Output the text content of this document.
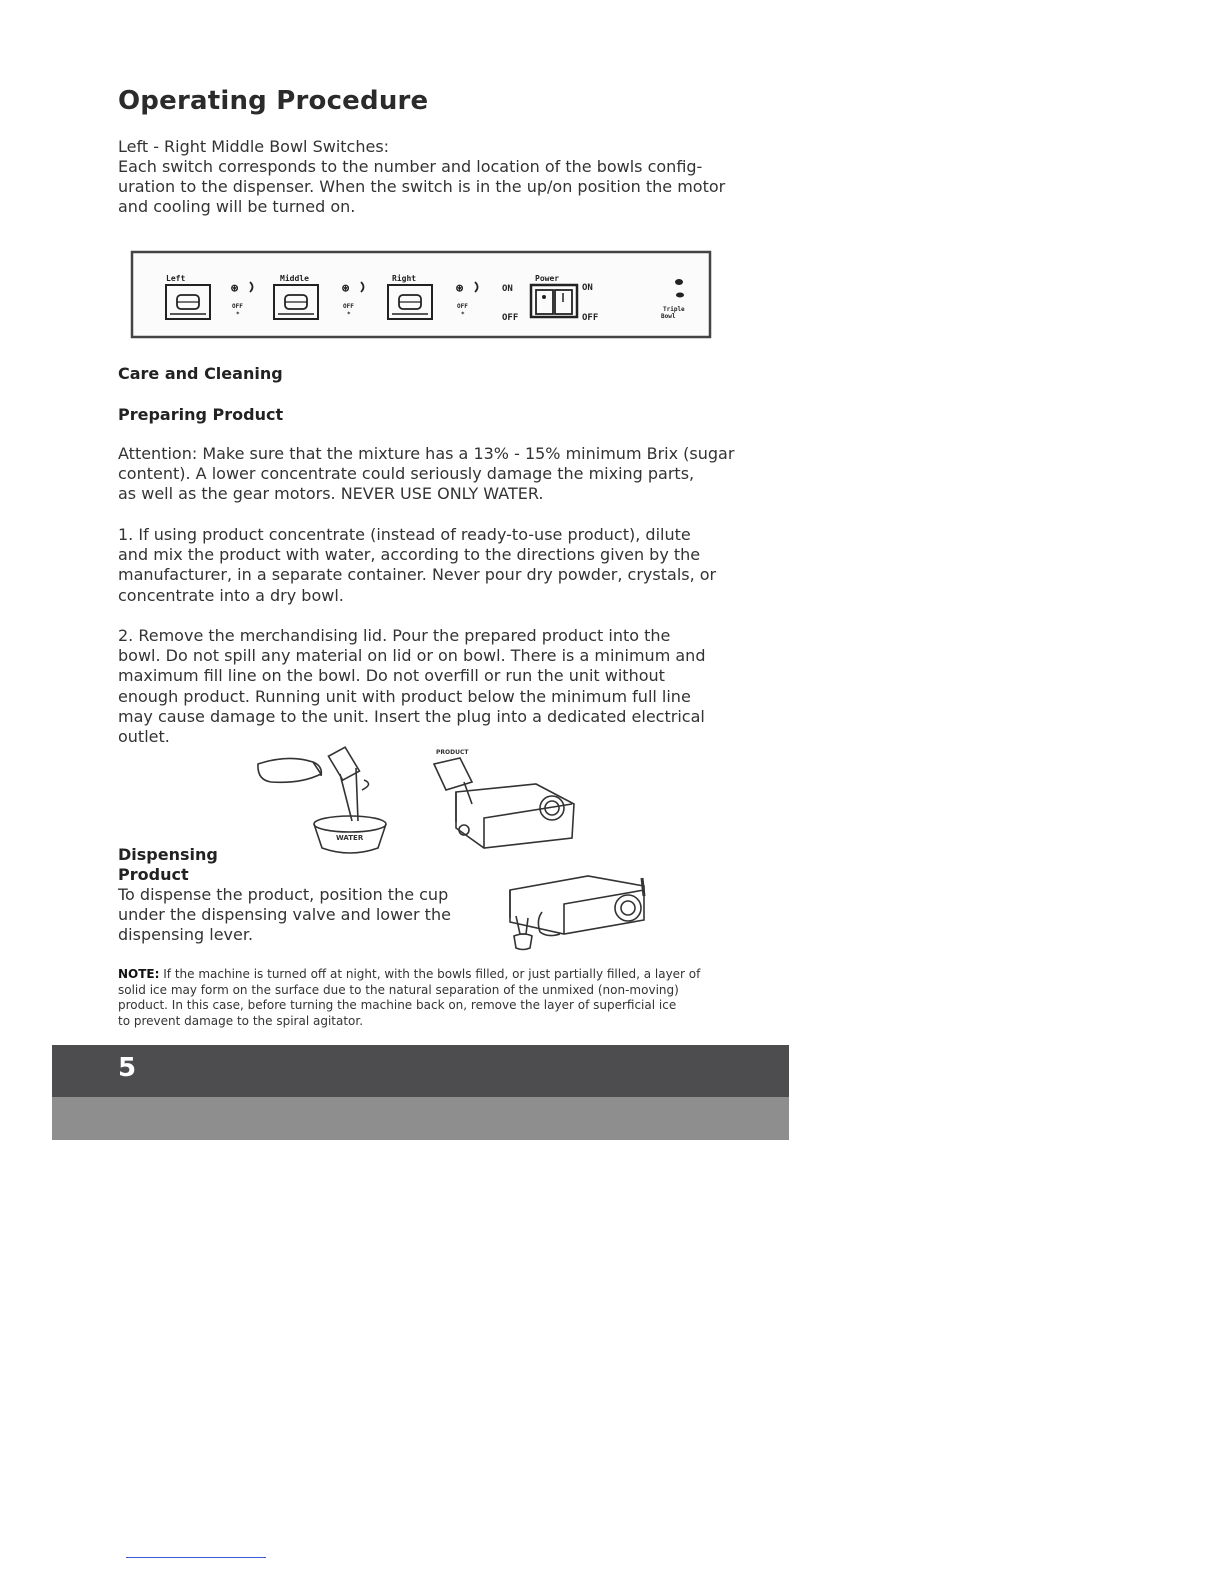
Operating Procedure
Left - Right Middle Bowl Switches:
Each switch corresponds to the number and location of the bowls config-
uration to the dispenser. When the switch is in the up/on position the motor
and cooling will be turned on.
Left
⊛
OFF
*
Middle
⊛
OFF
*
Right
⊛
OFF
*
ON
OFF
Power
ON
OFF
Triple
Bowl
Care and Cleaning
Preparing Product
Attention: Make sure that the mixture has a 13% - 15% minimum Brix (sugar
content). A lower concentrate could seriously damage the mixing parts,
as well as the gear motors. NEVER USE ONLY WATER.
1. If using product concentrate (instead of ready-to-use product), dilute
and mix the product with water, according to the directions given by the
manufacturer, in a separate container. Never pour dry powder, crystals, or
concentrate into a dry bowl.
2. Remove the merchandising lid. Pour the prepared product into the
bowl. Do not spill any material on lid or on bowl. There is a minimum and
maximum fill line on the bowl. Do not overfill or run the unit without
enough product. Running unit with product below the minimum full line
may cause damage to the unit. Insert the plug into a dedicated electrical
outlet.
WATER
PRODUCT
Dispensing
Product
To dispense the product, position the cup
under the dispensing valve and lower the
dispensing lever.
NOTE: If the machine is turned off at night, with the bowls filled, or just partially filled, a layer of
solid ice may form on the surface due to the natural separation of the unmixed (non-moving)
product. In this case, before turning the machine back on, remove the layer of superficial ice
to prevent damage to the spiral agitator.
5
